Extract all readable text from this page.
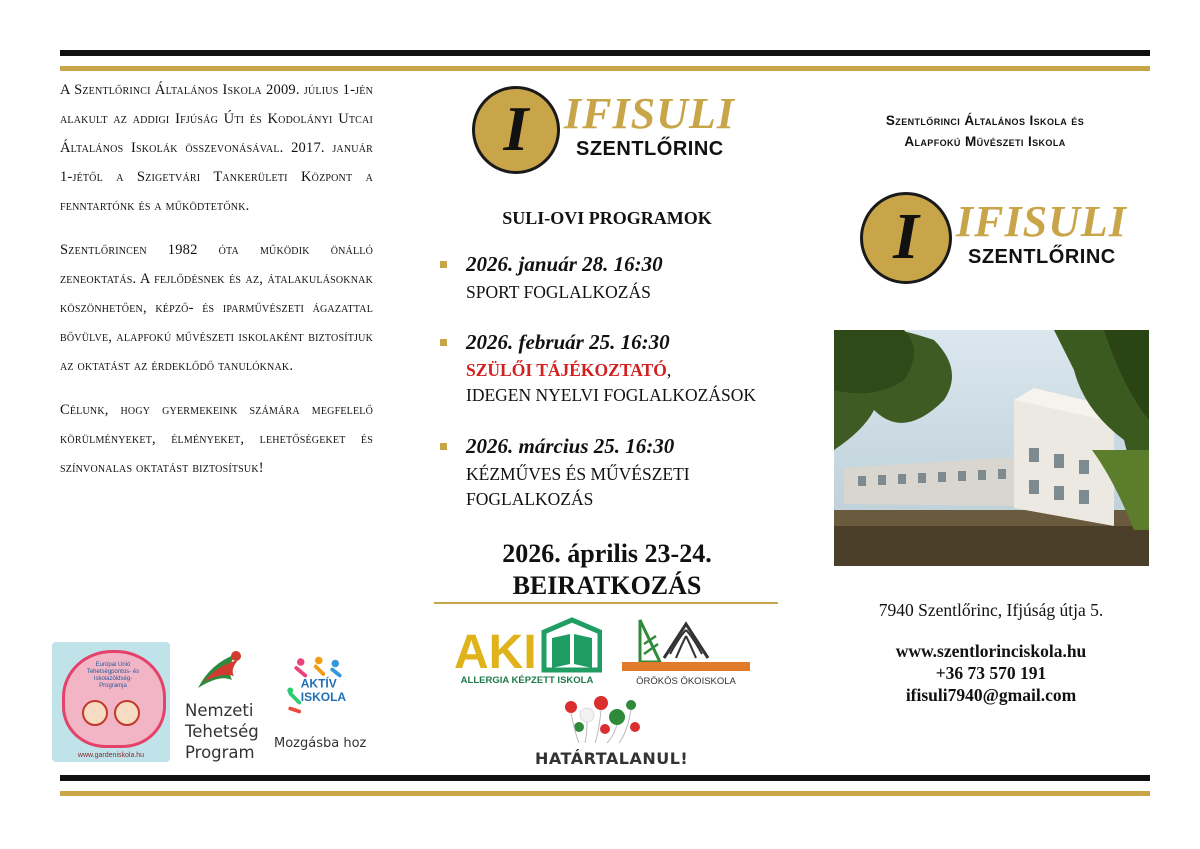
A Szentlőrinci Általános Iskola 2009. július 1-jén alakult az addigi Ifjúság Úti és Kodolányi Utcai Általános Iskolák összevonásával. 2017. január 1-jétől a Szigetvári Tankerületi Központ a fenntartónk és a működtetőnk.

Szentlőrincen 1982 óta működik önálló zeneoktatás. A fejlődésnek és az, átalakulásoknak köszönhetően, képző- és iparművészeti ágazattal bővülve, alapfokú művészeti iskolaként biztosítjuk az oktatást az érdeklődő tanulóknak.

Célunk, hogy gyermekeink számára megfelelő körülményeket, élményeket, lehetőségeket és színvonalas oktatást biztosítsuk!

Európai Unió Tehetségpontos- és Iskolazöldség- Programja
www.gardeniskola.hu
Nemzeti
Tehetség
Program
AKTÍV
ISKOLA
Mozgásba hoz
I IFISULI
SZENTLŐRINC
SULI-OVI PROGRAMOK
2026. január 28. 16:30
SPORT FOGLALKOZÁS
2026. február 25. 16:30
SZÜLŐI TÁJÉKOZTATÓ,
IDEGEN NYELVI FOGLALKOZÁSOK
2026. március 25. 16:30
KÉZMŰVES ÉS MŰVÉSZETI
FOGLALKOZÁS
2026. április 23-24.
BEIRATKOZÁS
AKI
ALLERGIA KÉPZETT ISKOLA	ÖRÖKÖS ÖKOISKOLA
HATÁRTALANUL!
Szentlőrinci Általános Iskola és
Alapfokú Művészeti Iskola
I IFISULI
SZENTLŐRINC
7940 Szentlőrinc, Ifjúság útja 5.
www.szentlorinciskola.hu
+36 73 570 191
ifisuli7940@gmail.com
